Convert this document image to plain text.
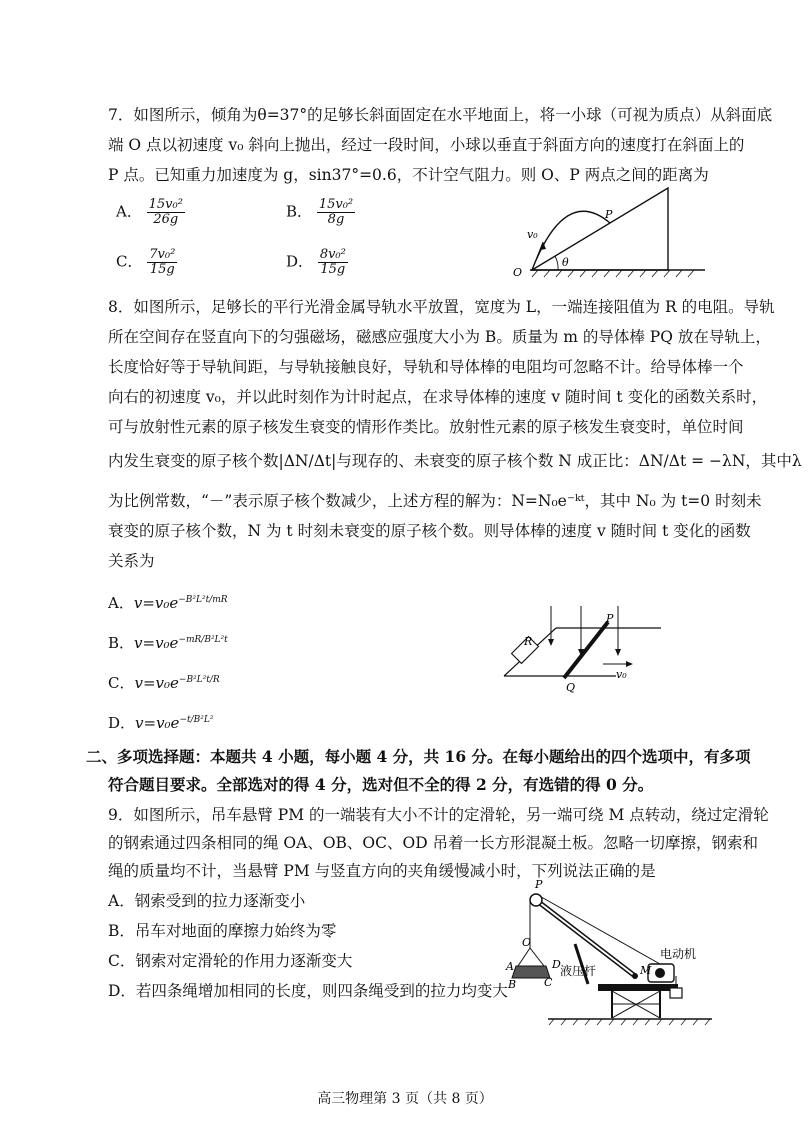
7．如图所示，倾角为θ=37°的足够长斜面固定在水平地面上，将一小球（可视为质点）从斜面底
端 O 点以初速度 v₀ 斜向上抛出，经过一段时间，小球以垂直于斜面方向的速度打在斜面上的
P 点。已知重力加速度为 g，sin37°=0.6，不计空气阻力。则 O、P 两点之间的距离为
A． $\frac{\text{15v₀²}}{26g}$	B． $\frac{\text{15v₀²}}{8g}$
C． $\frac{\text{7v₀²}}{15g}$	D． $\frac{\text{8v₀²}}{15g}$
v₀
P
O
θ
8．如图所示，足够长的平行光滑金属导轨水平放置，宽度为 L，一端连接阻值为 R 的电阻。导轨
所在空间存在竖直向下的匀强磁场，磁感应强度大小为 B。质量为 m 的导体棒 PQ 放在导轨上，
长度恰好等于导轨间距，与导轨接触良好，导轨和导体棒的电阻均可忽略不计。给导体棒一个
向右的初速度 v₀，并以此时刻作为计时起点，在求导体棒的速度 v 随时间 t 变化的函数关系时，
可与放射性元素的原子核发生衰变的情形作类比。放射性元素的原子核发生衰变时，单位时间
内发生衰变的原子核个数|ΔN/Δt|与现存的、未衰变的原子核个数 N 成正比：ΔN/Δt = −λN，其中λ
为比例常数，“－”表示原子核个数减少，上述方程的解为：N=N₀e⁻ᵏᵗ，其中 N₀ 为 t=0 时刻未
衰变的原子核个数，N 为 t 时刻未衰变的原子核个数。则导体棒的速度 v 随时间 t 变化的函数
关系为
A．$v=v_0e^{-B^2L^2t/mR}$
B．$v=v_0e^{-mR/B^2L^2t}$
C．$v=v_0e^{-B^2L^2t/R}$
D．$v=v_0e^{-t/B^2L^2}$
R
P
Q
v₀
二、多项选择题：本题共 4 小题，每小题 4 分，共 16 分。在每小题给出的四个选项中，有多项
符合题目要求。全部选对的得 4 分，选对但不全的得 2 分，有选错的得 0 分。
9．如图所示，吊车悬臂 PM 的一端装有大小不计的定滑轮，另一端可绕 M 点转动，绕过定滑轮
的钢索通过四条相同的绳 OA、OB、OC、OD 吊着一长方形混凝土板。忽略一切摩擦，钢索和
绳的质量均不计，当悬臂 PM 与竖直方向的夹角缓慢减小时，下列说法正确的是
A．钢索受到的拉力逐渐变小
B．吊车对地面的摩擦力始终为零
C．钢索对定滑轮的作用力逐渐变大
D．若四条绳增加相同的长度，则四条绳受到的拉力均变大
P
O
A
B	C
D	M
液压杆
电动机
高三物理第 3 页（共 8 页）
